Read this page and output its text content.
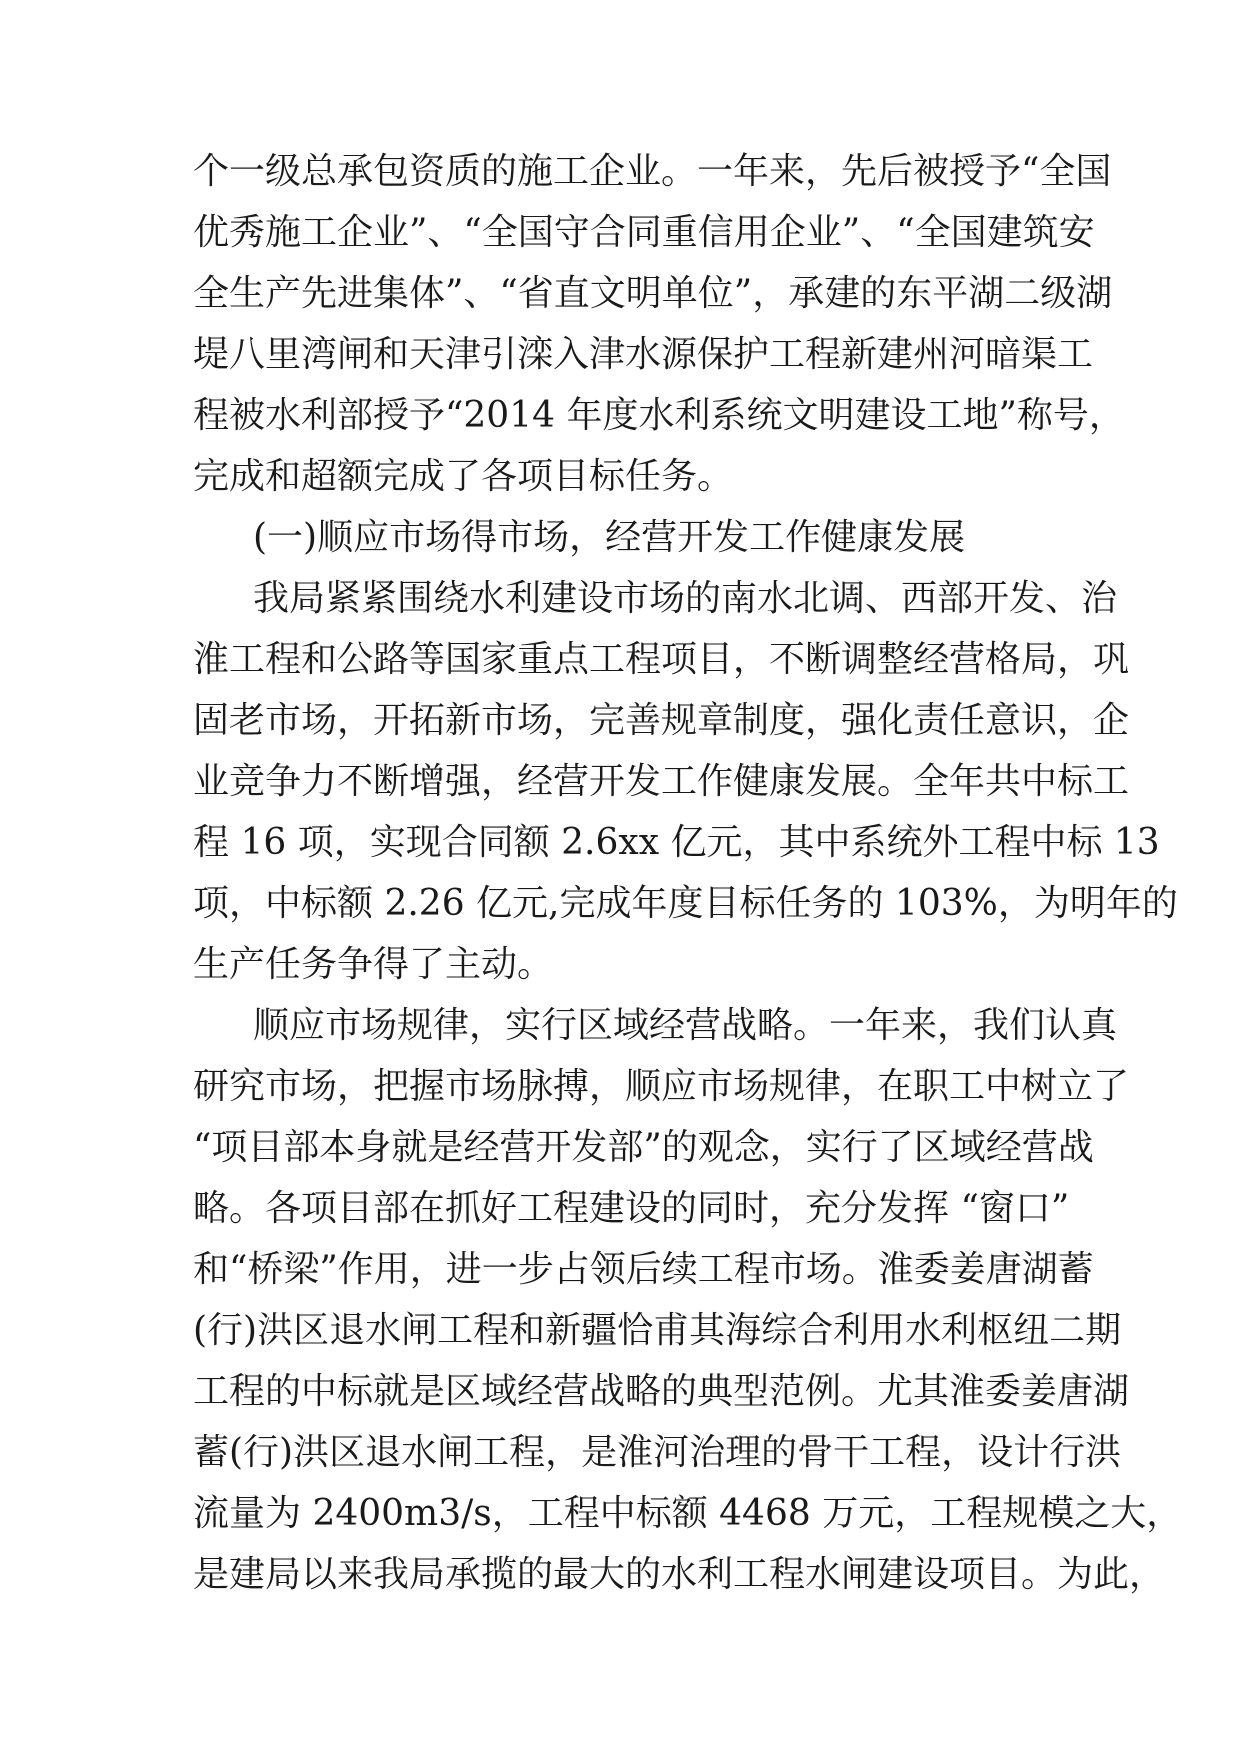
个一级总承包资质的施工企业。一年来，先后被授予“全国
优秀施工企业”、“全国守合同重信用企业”、“全国建筑安
全生产先进集体”、“省直文明单位”，承建的东平湖二级湖
堤八里湾闸和天津引滦入津水源保护工程新建州河暗渠工
程被水利部授予“2014 年度水利系统文明建设工地”称号，
完成和超额完成了各项目标任务。
(一)顺应市场得市场，经营开发工作健康发展
我局紧紧围绕水利建设市场的南水北调、西部开发、治
淮工程和公路等国家重点工程项目，不断调整经营格局，巩
固老市场，开拓新市场，完善规章制度，强化责任意识，企
业竞争力不断增强，经营开发工作健康发展。全年共中标工
程 16 项，实现合同额 2.6xx 亿元，其中系统外工程中标 13
项，中标额 2.26 亿元,完成年度目标任务的 103%，为明年的
生产任务争得了主动。
顺应市场规律，实行区域经营战略。一年来，我们认真
研究市场，把握市场脉搏，顺应市场规律，在职工中树立了
“项目部本身就是经营开发部”的观念，实行了区域经营战
略。各项目部在抓好工程建设的同时，充分发挥 “窗口”
和“桥梁”作用，进一步占领后续工程市场。淮委姜唐湖蓄
(行)洪区退水闸工程和新疆恰甫其海综合利用水利枢纽二期
工程的中标就是区域经营战略的典型范例。尤其淮委姜唐湖
蓄(行)洪区退水闸工程，是淮河治理的骨干工程，设计行洪
流量为 2400m3/s，工程中标额 4468 万元，工程规模之大，
是建局以来我局承揽的最大的水利工程水闸建设项目。为此，
